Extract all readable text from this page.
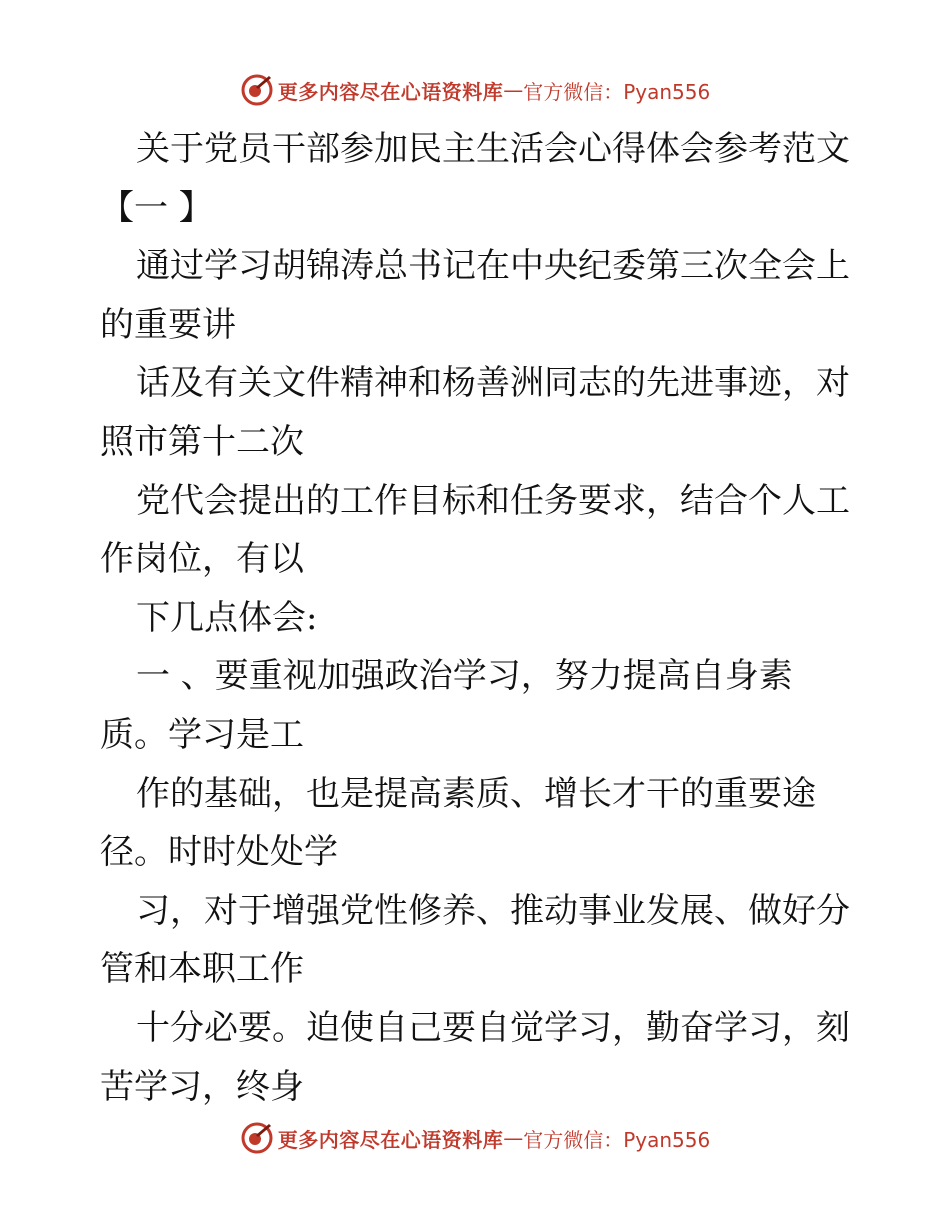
更多内容尽在心语资料库 — 官方微信：Pyan556
关于党员干部参加民主生活会心得体会参考范文
【一 】
通过学习胡锦涛总书记在中央纪委第三次全会上
的重要讲
话及有关文件精神和杨善洲同志的先进事迹，对
照市第十二次
党代会提出的工作目标和任务要求，结合个人工
作岗位，有以
下几点体会:
一 、要重视加强政治学习，努力提高自身素
质。学习是工
作的基础，也是提高素质、增长才干的重要途
径。时时处处学
习，对于增强党性修养、推动事业发展、做好分
管和本职工作
十分必要。迫使自己要自觉学习，勤奋学习，刻
苦学习，终身
更多内容尽在心语资料库 — 官方微信：Pyan556
